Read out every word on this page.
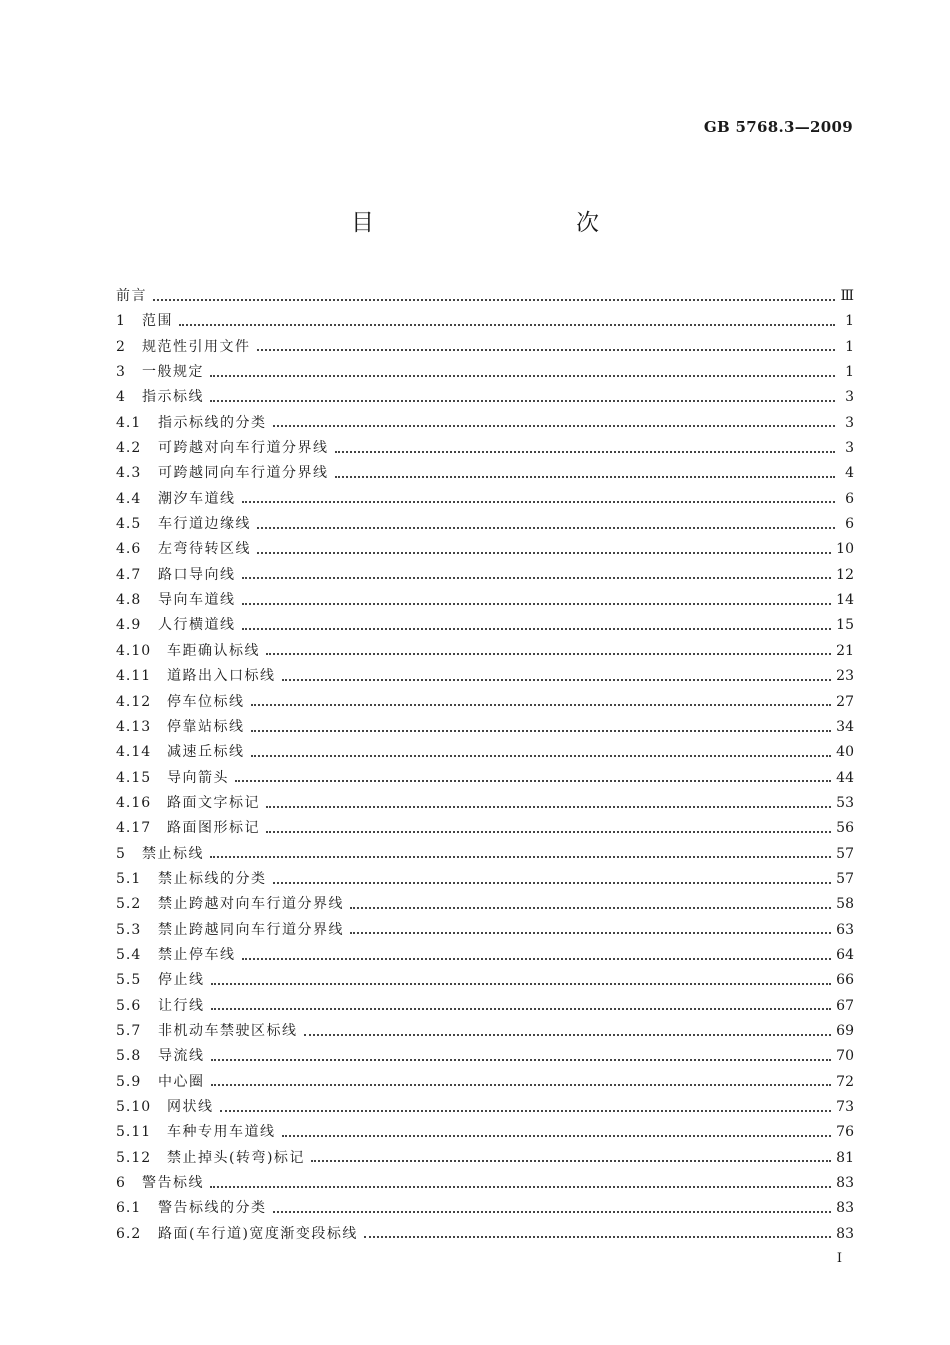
GB 5768.3—2009
目　　次
前言	Ⅲ
1	范围	1
2	规范性引用文件	1
3	一般规定	1
4	指示标线	3
4.1	指示标线的分类	3
4.2	可跨越对向车行道分界线	3
4.3	可跨越同向车行道分界线	4
4.4	潮汐车道线	6
4.5	车行道边缘线	6
4.6	左弯待转区线	10
4.7	路口导向线	12
4.8	导向车道线	14
4.9	人行横道线	15
4.10	车距确认标线	21
4.11	道路出入口标线	23
4.12	停车位标线	27
4.13	停靠站标线	34
4.14	减速丘标线	40
4.15	导向箭头	44
4.16	路面文字标记	53
4.17	路面图形标记	56
5	禁止标线	57
5.1	禁止标线的分类	57
5.2	禁止跨越对向车行道分界线	58
5.3	禁止跨越同向车行道分界线	63
5.4	禁止停车线	64
5.5	停止线	66
5.6	让行线	67
5.7	非机动车禁驶区标线	69
5.8	导流线	70
5.9	中心圈	72
5.10	网状线	73
5.11	车种专用车道线	76
5.12	禁止掉头(转弯)标记	81
6	警告标线	83
6.1	警告标线的分类	83
6.2	路面(车行道)宽度渐变段标线	83
I
